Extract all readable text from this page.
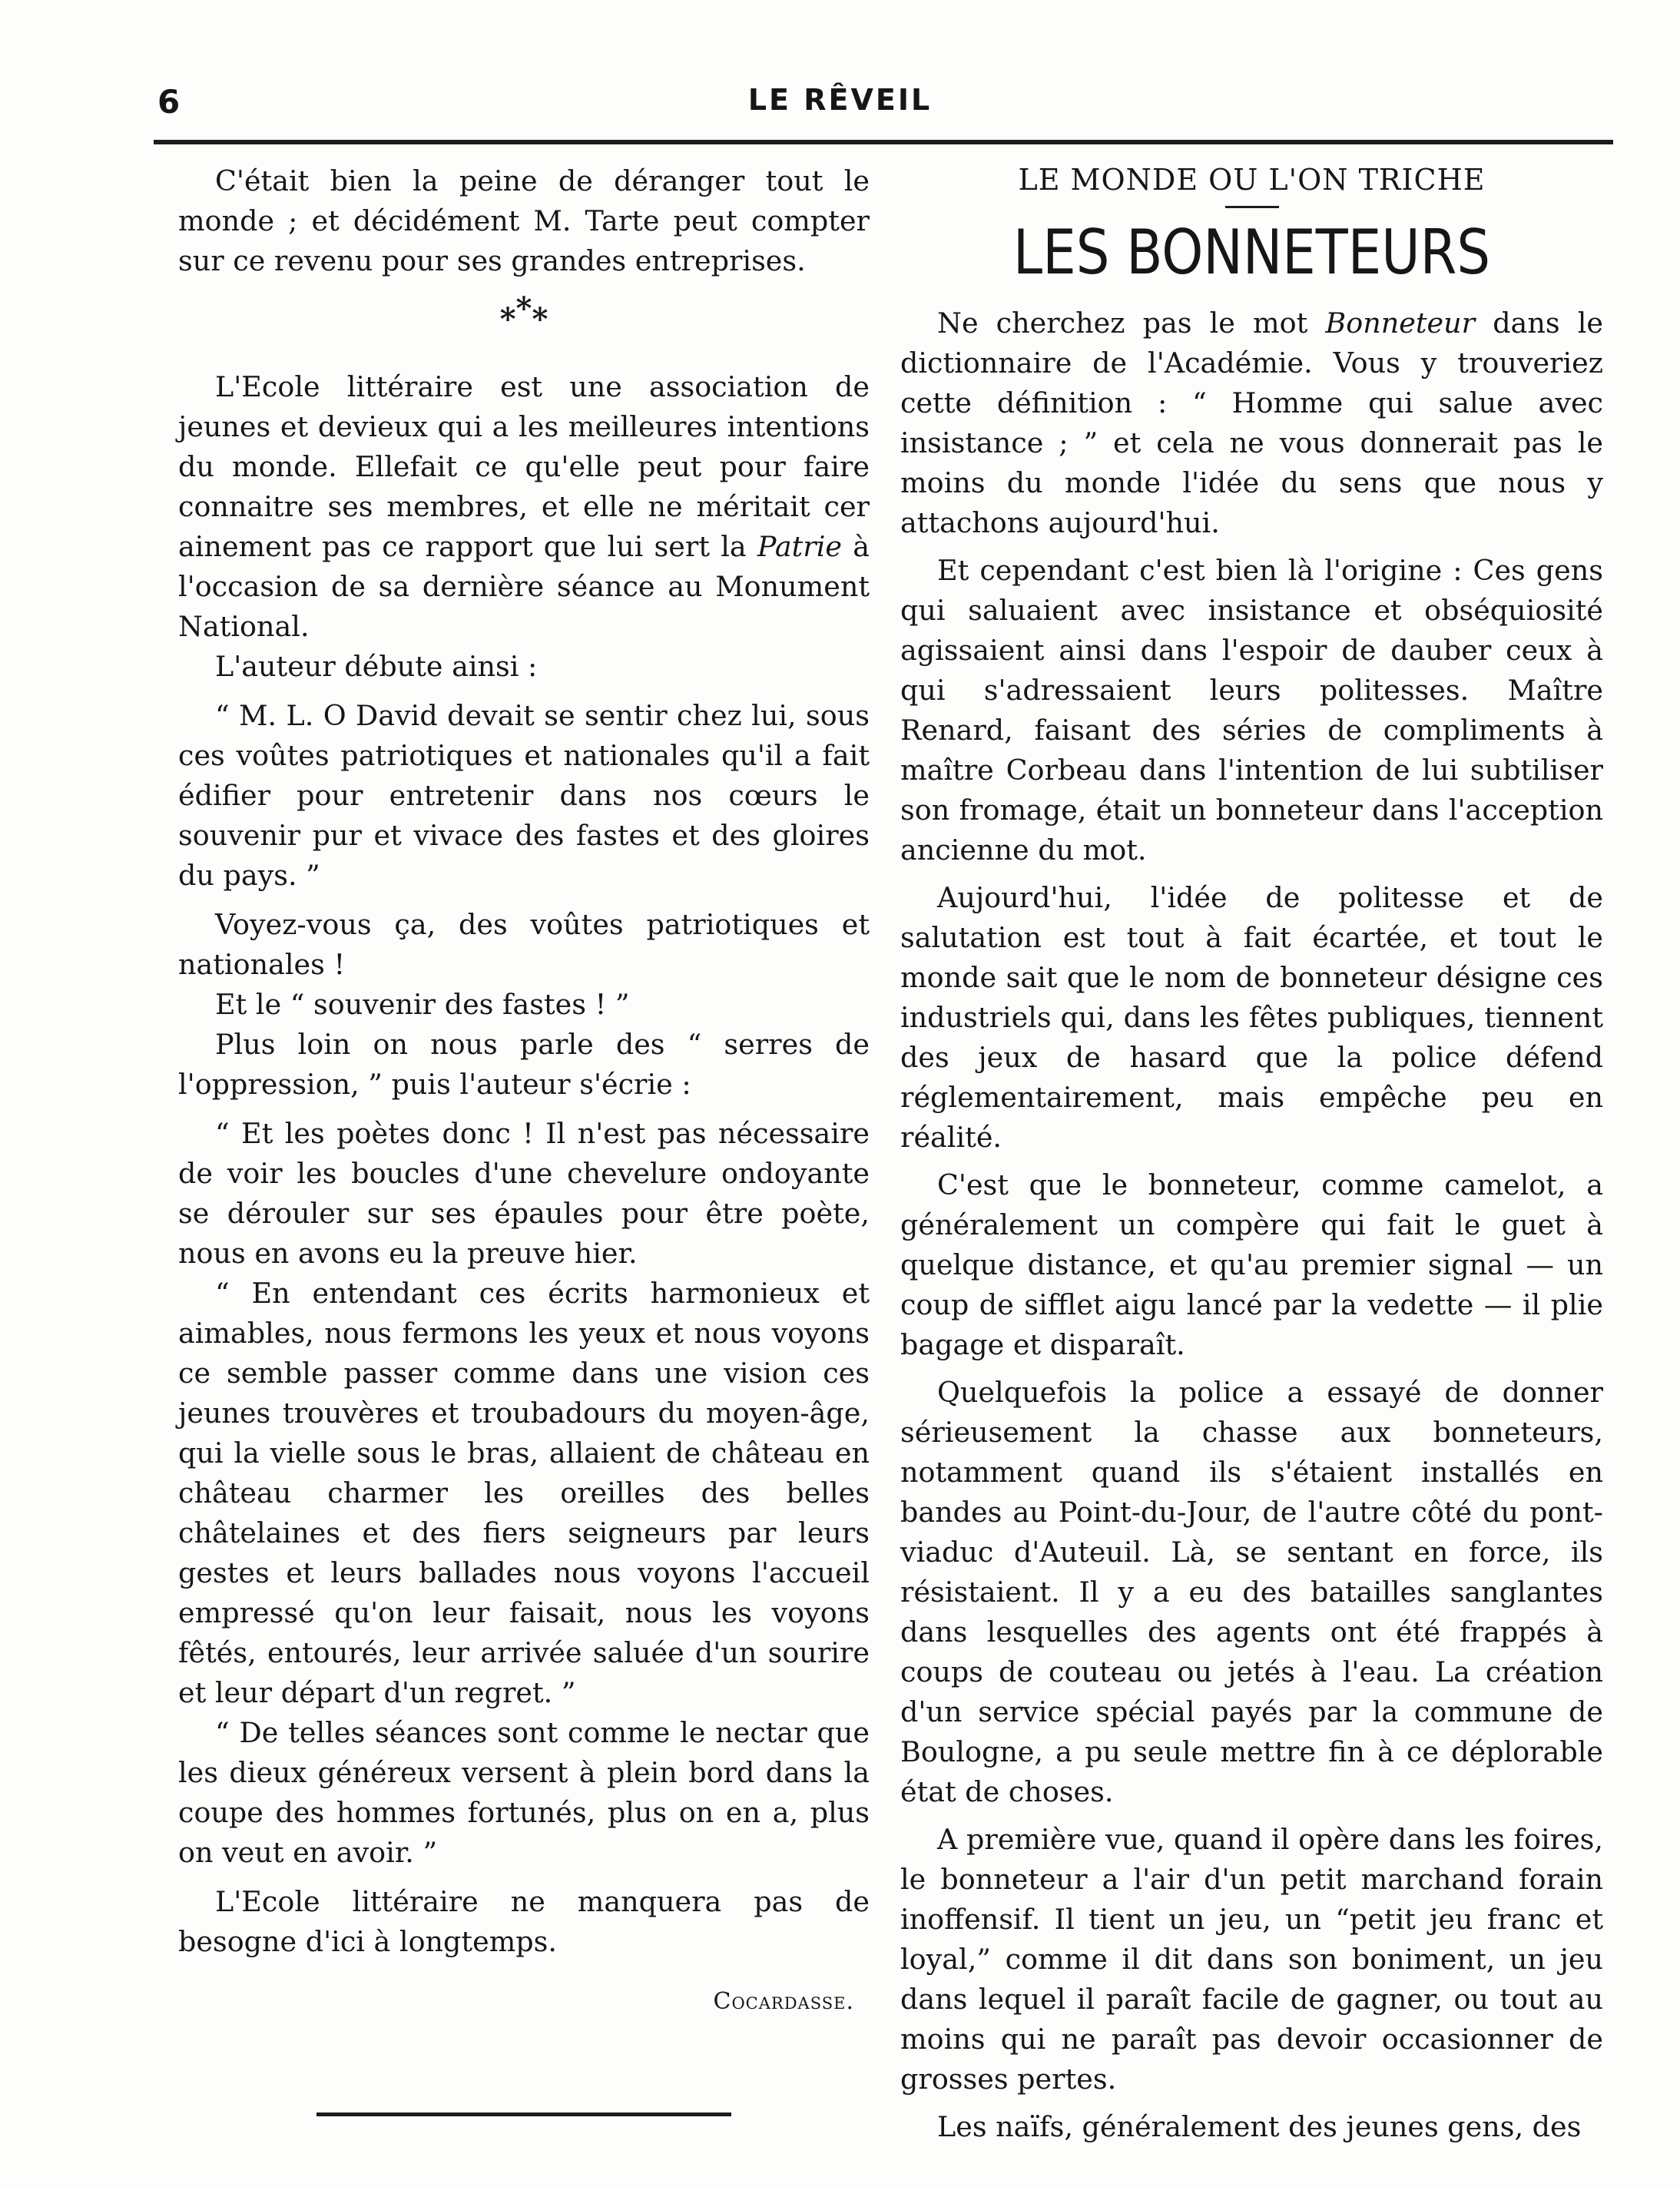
6	LE RÊVEIL

C'était bien la peine de déranger tout le monde ; et décidément M. Tarte peut compter sur ce revenu pour ses grandes entreprises.

***

L'Ecole littéraire est une association de jeunes et devieux qui a les meilleures intentions du monde. Ellefait ce qu'elle peut pour faire connaitre ses membres, et elle ne méritait cer ainement pas ce rapport que lui sert la Patrie à l'occasion de sa dernière séance au Monument National.

L'auteur débute ainsi :

“ M. L. O David devait se sentir chez lui, sous ces voûtes patriotiques et nationales qu'il a fait édifier pour entretenir dans nos cœurs le souvenir pur et vivace des fastes et des gloires du pays. ”

Voyez-vous ça, des voûtes patriotiques et nationales !

Et le “ souvenir des fastes ! ”

Plus loin on nous parle des “ serres de l'oppression, ” puis l'auteur s'écrie :

“ Et les poètes donc ! Il n'est pas nécessaire de voir les boucles d'une chevelure ondoyante se dérouler sur ses épaules pour être poète, nous en avons eu la preuve hier.

“ En entendant ces écrits harmonieux et aimables, nous fermons les yeux et nous voyons ce semble passer comme dans une vision ces jeunes trouvères et troubadours du moyen-âge, qui la vielle sous le bras, allaient de château en château charmer les oreilles des belles châtelaines et des fiers seigneurs par leurs gestes et leurs ballades nous voyons l'accueil empressé qu'on leur faisait, nous les voyons fêtés, entourés, leur arrivée saluée d'un sourire et leur départ d'un regret. ”

“ De telles séances sont comme le nectar que les dieux généreux versent à plein bord dans la coupe des hommes fortunés, plus on en a, plus on veut en avoir. ”

L'Ecole littéraire ne manquera pas de besogne d'ici à longtemps.

Cocardasse.
LE MONDE OU L'ON TRICHE
LES BONNETEURS

Ne cherchez pas le mot Bonneteur dans le dictionnaire de l'Académie. Vous y trouveriez cette définition : “ Homme qui salue avec insistance ; ” et cela ne vous donnerait pas le moins du monde l'idée du sens que nous y attachons aujourd'hui.

Et cependant c'est bien là l'origine : Ces gens qui saluaient avec insistance et obséquiosité agissaient ainsi dans l'espoir de dauber ceux à qui s'adressaient leurs politesses. Maître Renard, faisant des séries de compliments à maître Corbeau dans l'intention de lui subtiliser son fromage, était un bonneteur dans l'acception ancienne du mot.

Aujourd'hui, l'idée de politesse et de salutation est tout à fait écartée, et tout le monde sait que le nom de bonneteur désigne ces industriels qui, dans les fêtes publiques, tiennent des jeux de hasard que la police défend réglementairement, mais empêche peu en réalité.

C'est que le bonneteur, comme camelot, a généralement un compère qui fait le guet à quelque distance, et qu'au premier signal — un coup de sifflet aigu lancé par la vedette — il plie bagage et disparaît.

Quelquefois la police a essayé de donner sérieusement la chasse aux bonneteurs, notamment quand ils s'étaient installés en bandes au Point-du-Jour, de l'autre côté du pont-viaduc d'Auteuil. Là, se sentant en force, ils résistaient. Il y a eu des batailles sanglantes dans lesquelles des agents ont été frappés à coups de couteau ou jetés à l'eau. La création d'un service spécial payés par la commune de Boulogne, a pu seule mettre fin à ce déplorable état de choses.

A première vue, quand il opère dans les foires, le bonneteur a l'air d'un petit marchand forain inoffensif. Il tient un jeu, un “petit jeu franc et loyal,” comme il dit dans son boniment, un jeu dans lequel il paraît facile de gagner, ou tout au moins qui ne paraît pas devoir occasionner de grosses pertes.

Les naïfs, généralement des jeunes gens, des
